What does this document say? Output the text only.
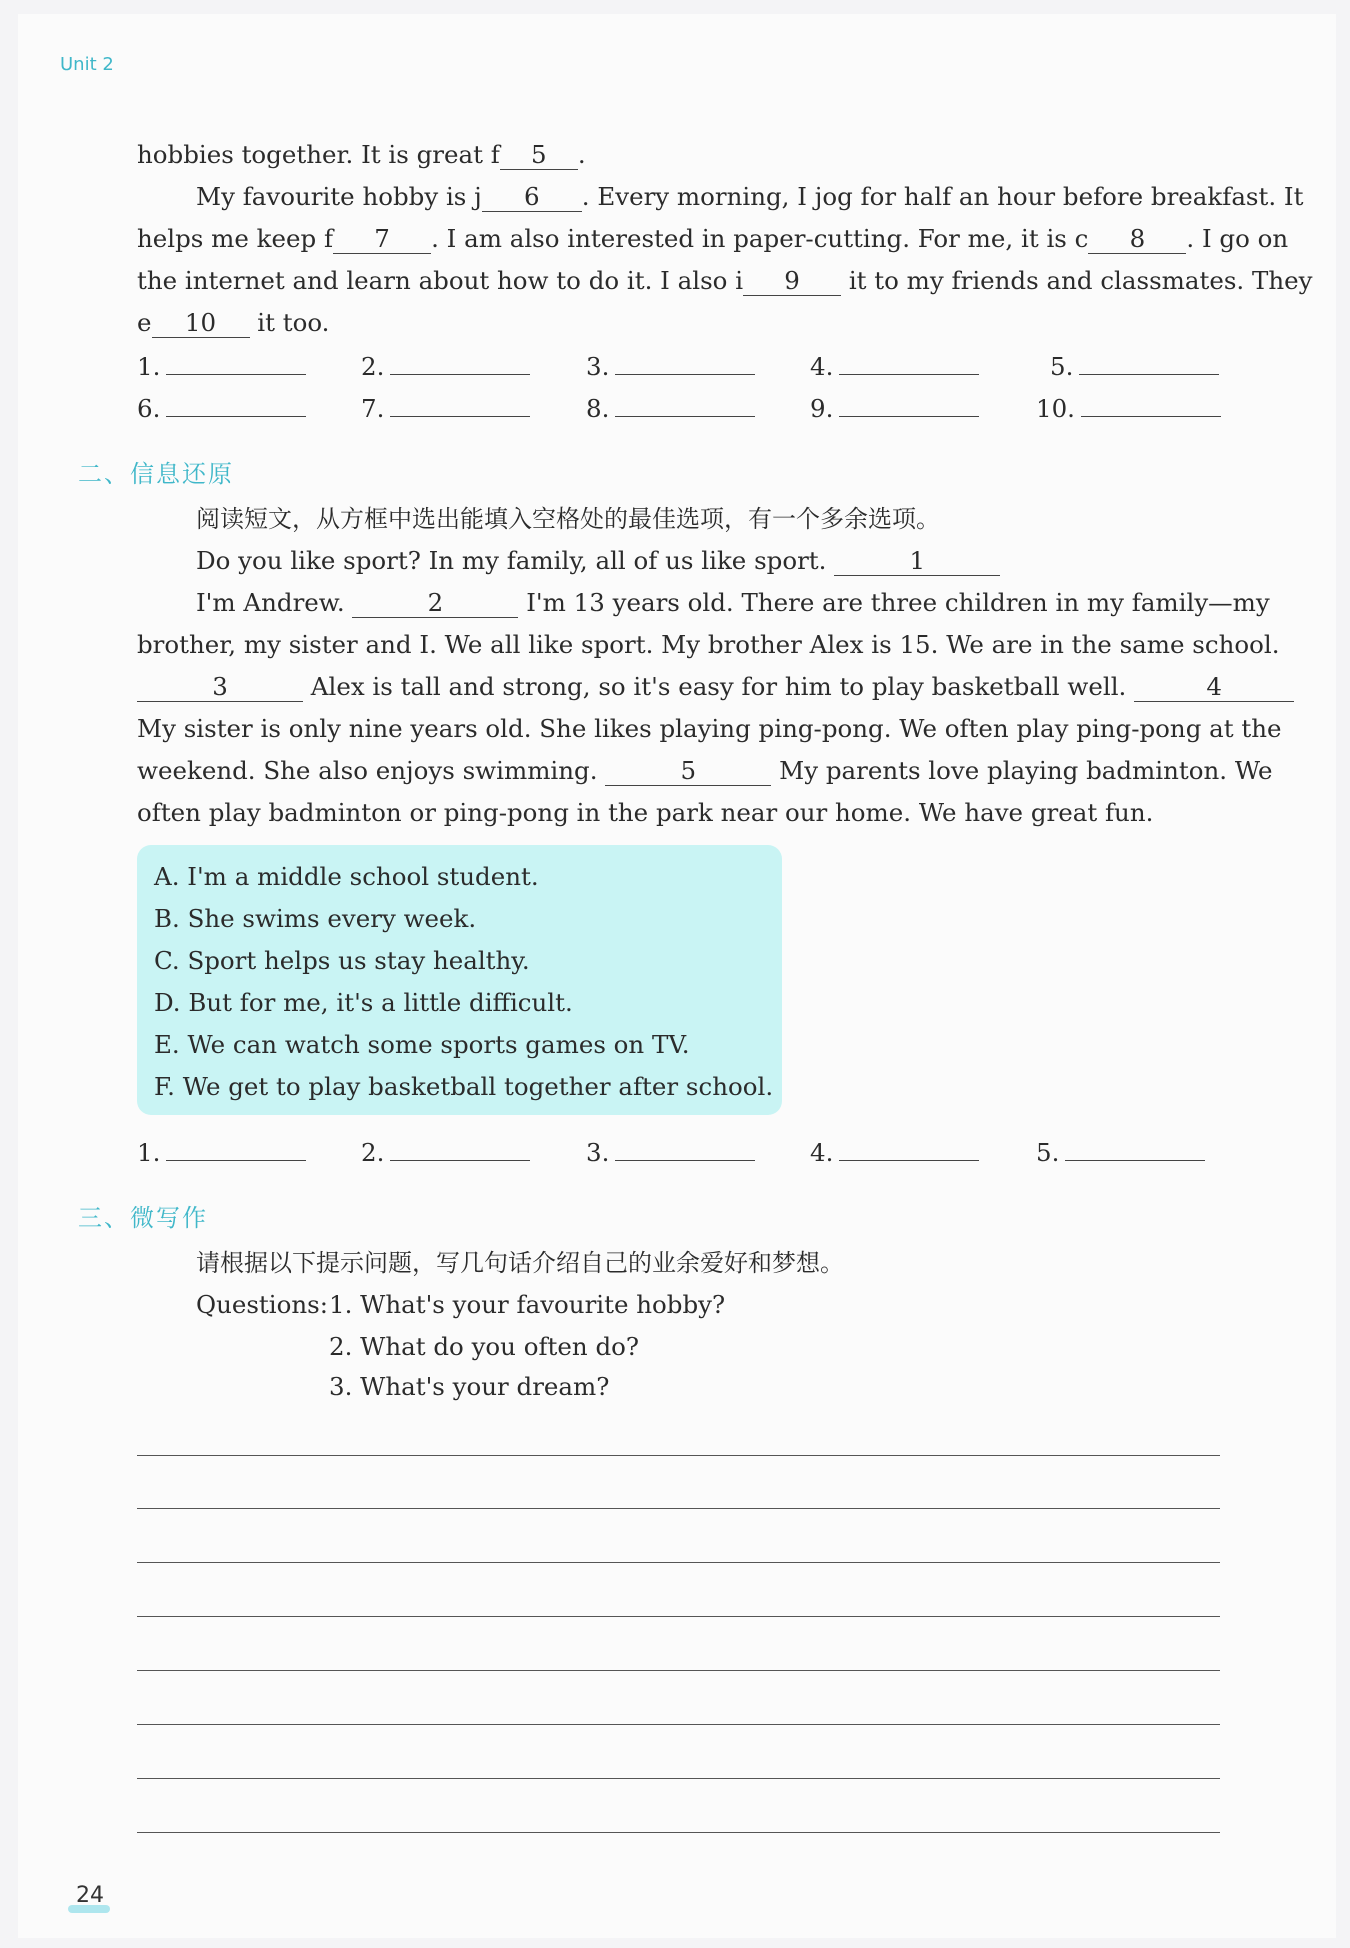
Unit 2
hobbies together. It is great f 5 .
My favourite hobby is j 6 . Every morning, I jog for half an hour before breakfast. It
helps me keep f 7 . I am also interested in paper-cutting. For me, it is c 8 . I go on
the internet and learn about how to do it. I also i 9 it to my friends and classmates. They
e 10 it too.
1.	2.	3.	4.	5.
6.	7.	8.	9.	10.
二、信息还原
阅读短文，从方框中选出能填入空格处的最佳选项，有一个多余选项。
Do you like sport? In my family, all of us like sport.	1
I'm Andrew.	2	I'm 13 years old. There are three children in my family—my
brother, my sister and I. We all like sport. My brother Alex is 15. We are in the same school.
3	Alex is tall and strong, so it's easy for him to play basketball well.	4
My sister is only nine years old. She likes playing ping-pong. We often play ping-pong at the
weekend. She also enjoys swimming.	5	My parents love playing badminton. We
often play badminton or ping-pong in the park near our home. We have great fun.
A. I'm a middle school student.
B. She swims every week.
C. Sport helps us stay healthy.
D. But for me, it's a little difficult.
E. We can watch some sports games on TV.
F. We get to play basketball together after school.
1.	2.	3.	4.	5.
三、微写作
请根据以下提示问题，写几句话介绍自己的业余爱好和梦想。
Questions: 1. What's your favourite hobby?
2. What do you often do?
3. What's your dream?
24
